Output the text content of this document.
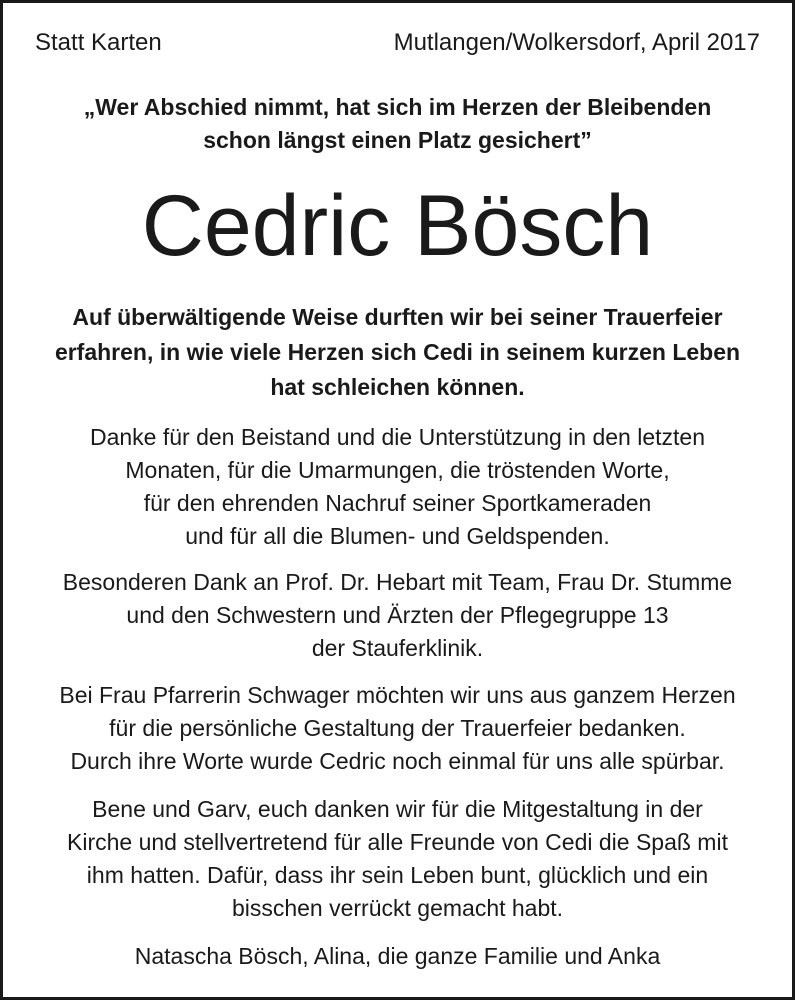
Statt Karten	Mutlangen/Wolkersdorf, April 2017
„Wer Abschied nimmt, hat sich im Herzen der Bleibenden
schon längst einen Platz gesichert”
Cedric Bösch
Auf überwältigende Weise durften wir bei seiner Trauerfeier
erfahren, in wie viele Herzen sich Cedi in seinem kurzen Leben
hat schleichen können.
Danke für den Beistand und die Unterstützung in den letzten
Monaten, für die Umarmungen, die tröstenden Worte,
für den ehrenden Nachruf seiner Sportkameraden
und für all die Blumen- und Geldspenden.
Besonderen Dank an Prof. Dr. Hebart mit Team, Frau Dr. Stumme
und den Schwestern und Ärzten der Pflegegruppe 13
der Stauferklinik.
Bei Frau Pfarrerin Schwager möchten wir uns aus ganzem Herzen
für die persönliche Gestaltung der Trauerfeier bedanken.
Durch ihre Worte wurde Cedric noch einmal für uns alle spürbar.
Bene und Garv, euch danken wir für die Mitgestaltung in der
Kirche und stellvertretend für alle Freunde von Cedi die Spaß mit
ihm hatten. Dafür, dass ihr sein Leben bunt, glücklich und ein
bisschen verrückt gemacht habt.
Natascha Bösch, Alina, die ganze Familie und Anka
